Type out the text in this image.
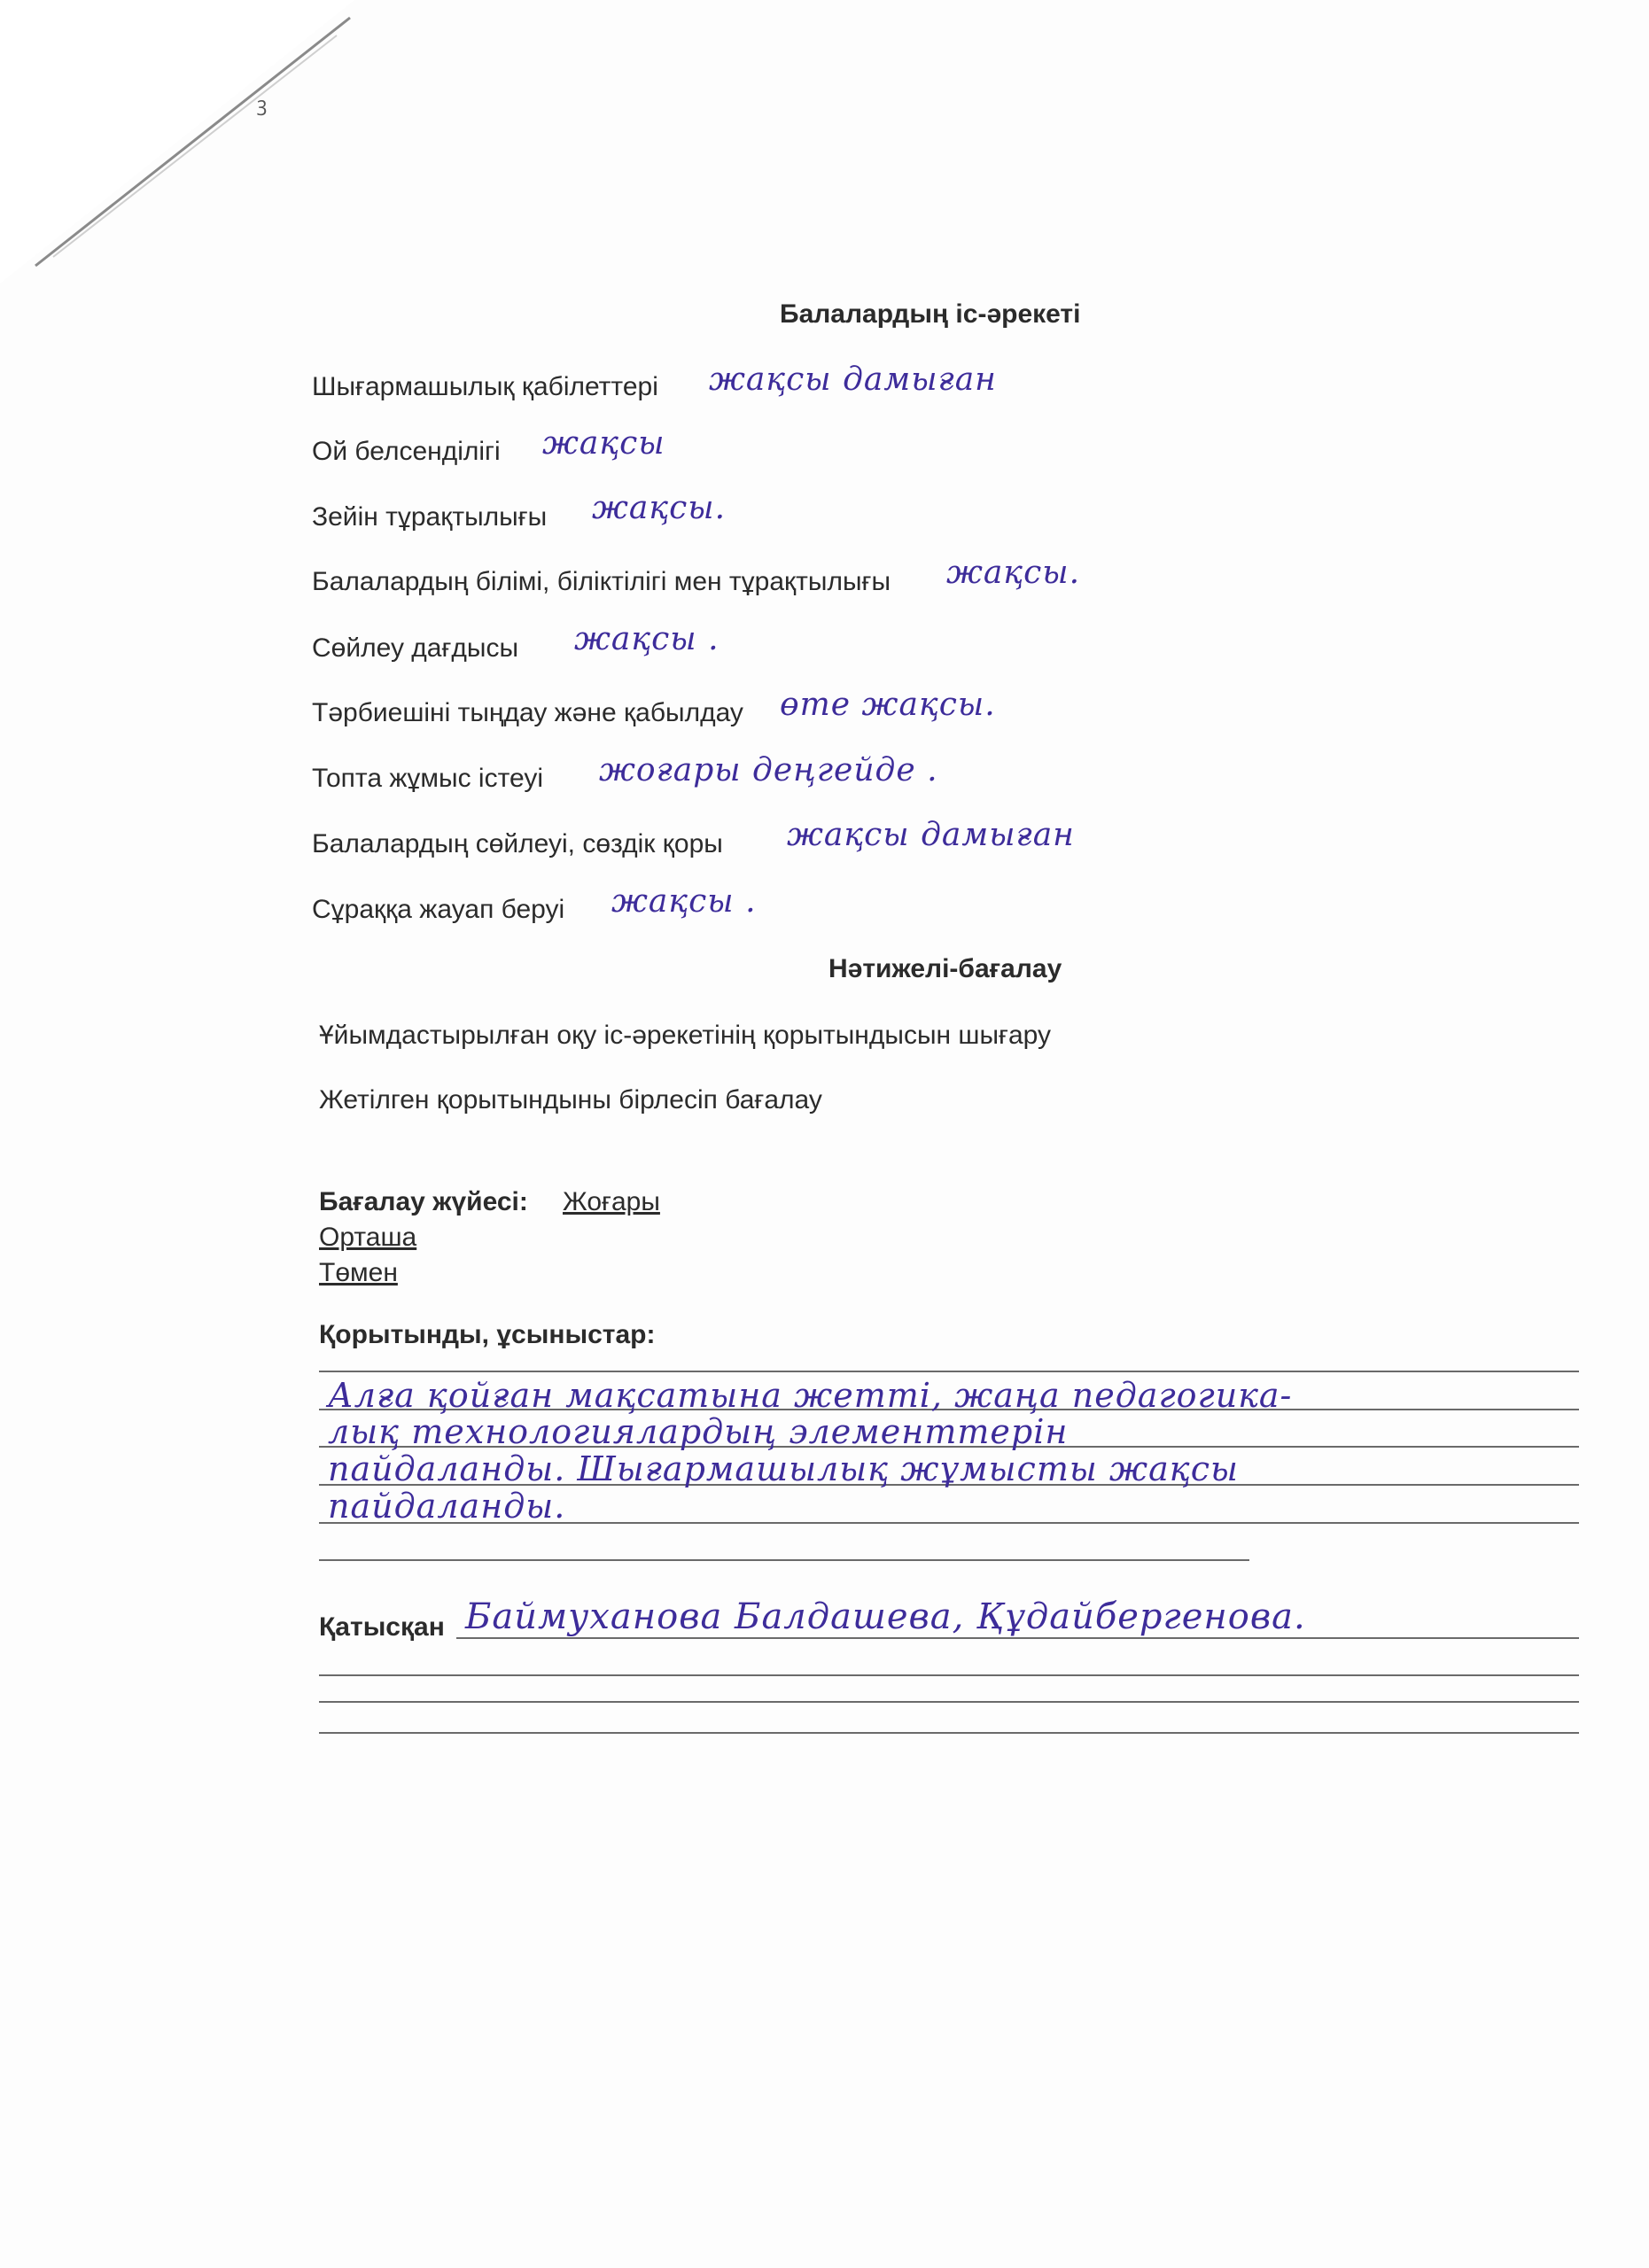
ꝫ
Балалардың іс-әрекеті
Шығармашылық қабілеттері жақсы дамыған
Ой белсенділігі жақсы
Зейін тұрақтылығы жақсы.
Балалардың білімі, біліктілігі мен тұрақтылығы жақсы.
Сөйлеу дағдысы жақсы .
Тәрбиешіні тыңдау және қабылдау өте жақсы.
Топта жұмыс істеуі жоғары деңгейде .
Балалардың сөйлеуі, сөздік қоры жақсы дамыған
Сұраққа жауап беруі жақсы .
Нәтижелі-бағалау
Ұйымдастырылған оқу іс-әрекетінің қорытындысын шығару
Жетілген қорытындыны бірлесіп бағалау
Бағалау жүйесі: Жоғары
Орташа
Төмен
Қорытынды, ұсыныстар:
Алға қойған мақсатына жетті, жаңа педагогика-
лық технологиялардың элементтерін
пайдаланды. Шығармашылық жұмысты жақсы
пайдаланды.
Қатысқан Баймуханова Балдашева, Құдайбергенова.
